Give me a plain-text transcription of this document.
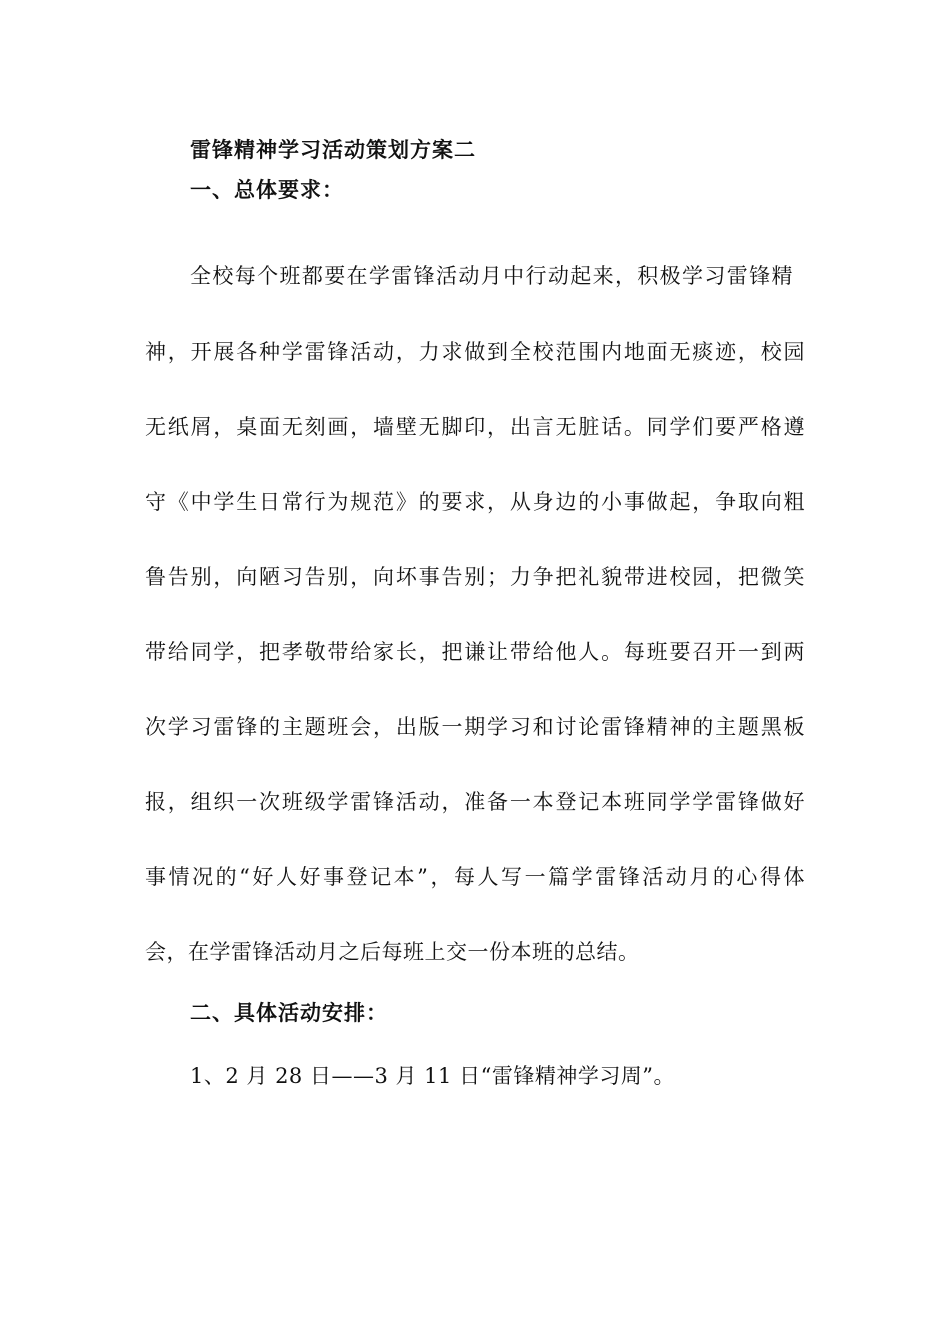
雷锋精神学习活动策划方案二
一、总体要求：
全校每个班都要在学雷锋活动月中行动起来，积极学习雷锋精
神，开展各种学雷锋活动，力求做到全校范围内地面无痰迹，校园
无纸屑，桌面无刻画，墙壁无脚印，出言无脏话。同学们要严格遵
守《中学生日常行为规范》的要求，从身边的小事做起，争取向粗
鲁告别，向陋习告别，向坏事告别；力争把礼貌带进校园，把微笑
带给同学，把孝敬带给家长，把谦让带给他人。每班要召开一到两
次学习雷锋的主题班会，出版一期学习和讨论雷锋精神的主题黑板
报，组织一次班级学雷锋活动，准备一本登记本班同学学雷锋做好
事情况的“好人好事登记本”，每人写一篇学雷锋活动月的心得体
会，在学雷锋活动月之后每班上交一份本班的总结。
二、具体活动安排：
1、2 月 28 日——3 月 11 日“雷锋精神学习周”。
